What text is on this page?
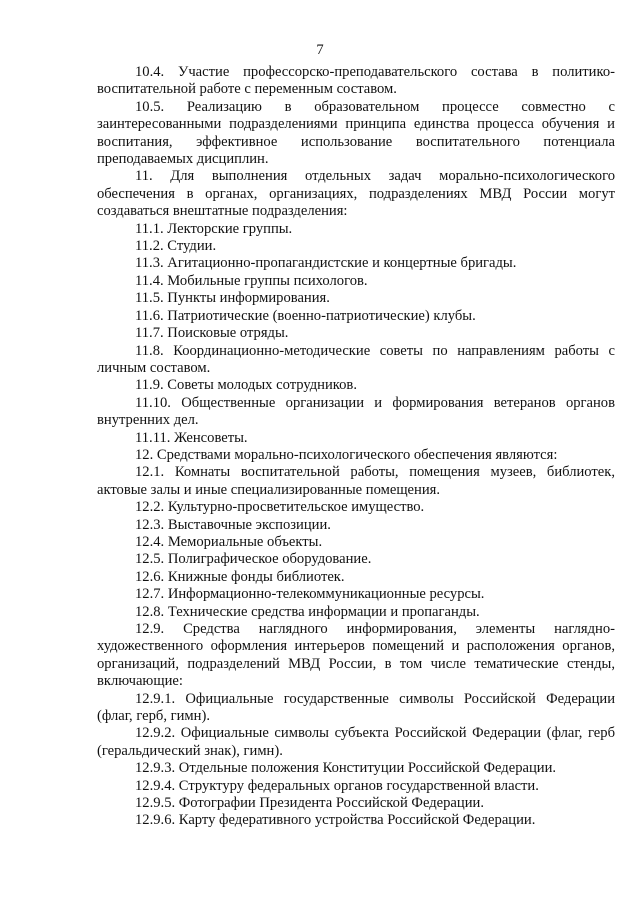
7

10.4. Участие профессорско-преподавательского состава в политико-воспитательной работе с переменным составом.

10.5. Реализацию в образовательном процессе совместно с заинтересованными подразделениями принципа единства процесса обучения и воспитания, эффективное использование воспитательного потенциала преподаваемых дисциплин.

11. Для выполнения отдельных задач морально-психологического обеспечения в органах, организациях, подразделениях МВД России могут создаваться внештатные подразделения:

11.1. Лекторские группы.

11.2. Студии.

11.3. Агитационно-пропагандистские и концертные бригады.

11.4. Мобильные группы психологов.

11.5. Пункты информирования.

11.6. Патриотические (военно-патриотические) клубы.

11.7. Поисковые отряды.

11.8. Координационно-методические советы по направлениям работы с личным составом.

11.9. Советы молодых сотрудников.

11.10. Общественные организации и формирования ветеранов органов внутренних дел.

11.11. Женсоветы.

12. Средствами морально-психологического обеспечения являются:

12.1. Комнаты воспитательной работы, помещения музеев, библиотек, актовые залы и иные специализированные помещения.

12.2. Культурно-просветительское имущество.

12.3. Выставочные экспозиции.

12.4. Мемориальные объекты.

12.5. Полиграфическое оборудование.

12.6. Книжные фонды библиотек.

12.7. Информационно-телекоммуникационные ресурсы.

12.8. Технические средства информации и пропаганды.

12.9. Средства наглядного информирования, элементы наглядно-художественного оформления интерьеров помещений и расположения органов, организаций, подразделений МВД России, в том числе тематические стенды, включающие:

12.9.1. Официальные государственные символы Российской Федерации (флаг, герб, гимн).

12.9.2. Официальные символы субъекта Российской Федерации (флаг, герб (геральдический знак), гимн).

12.9.3. Отдельные положения Конституции Российской Федерации.

12.9.4. Структуру федеральных органов государственной власти.

12.9.5. Фотографии Президента Российской Федерации.

12.9.6. Карту федеративного устройства Российской Федерации.
